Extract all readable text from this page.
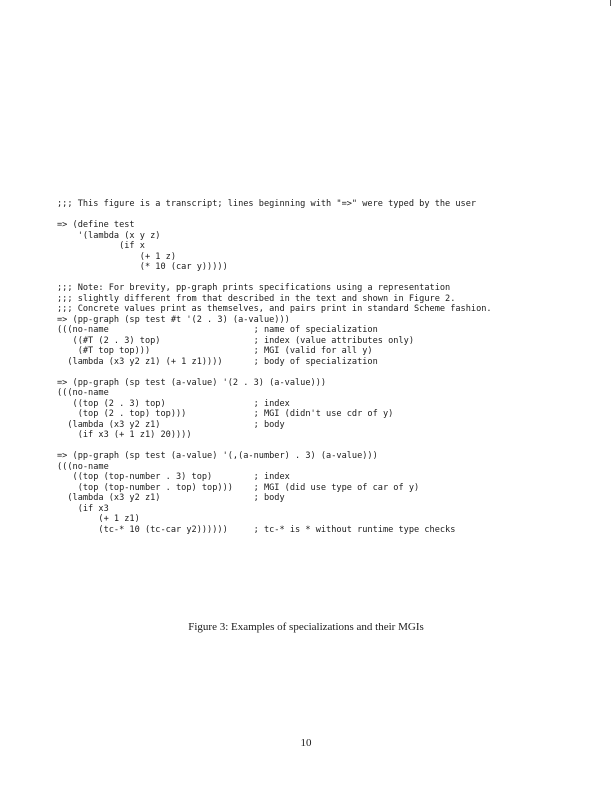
;;; This figure is a transcript; lines beginning with "=>" were typed by the user
=> (define test
'(lambda (x y z)
(if x
(+ 1 z)
(* 10 (car y)))))
;;; Note: For brevity, pp-graph prints specifications using a representation
;;; slightly different from that described in the text and shown in Figure 2.
;;; Concrete values print as themselves, and pairs print in standard Scheme fashion.
=> (pp-graph (sp test #t '(2 . 3) (a-value)))
(((no-name                            ; name of specialization
((#T (2 . 3) top)                  ; index (value attributes only)
(#T top top)))                    ; MGI (valid for all y)
(lambda (x3 y2 z1) (+ 1 z1))))      ; body of specialization
=> (pp-graph (sp test (a-value) '(2 . 3) (a-value)))
(((no-name
((top (2 . 3) top)                 ; index
(top (2 . top) top)))             ; MGI (didn't use cdr of y)
(lambda (x3 y2 z1)                  ; body
(if x3 (+ 1 z1) 20))))
=> (pp-graph (sp test (a-value) '(,(a-number) . 3) (a-value)))
(((no-name
((top (top-number . 3) top)        ; index
(top (top-number . top) top)))    ; MGI (did use type of car of y)
(lambda (x3 y2 z1)                  ; body
(if x3
(+ 1 z1)
(tc-* 10 (tc-car y2))))))     ; tc-* is * without runtime type checks
Figure 3: Examples of specializations and their MGIs
10
